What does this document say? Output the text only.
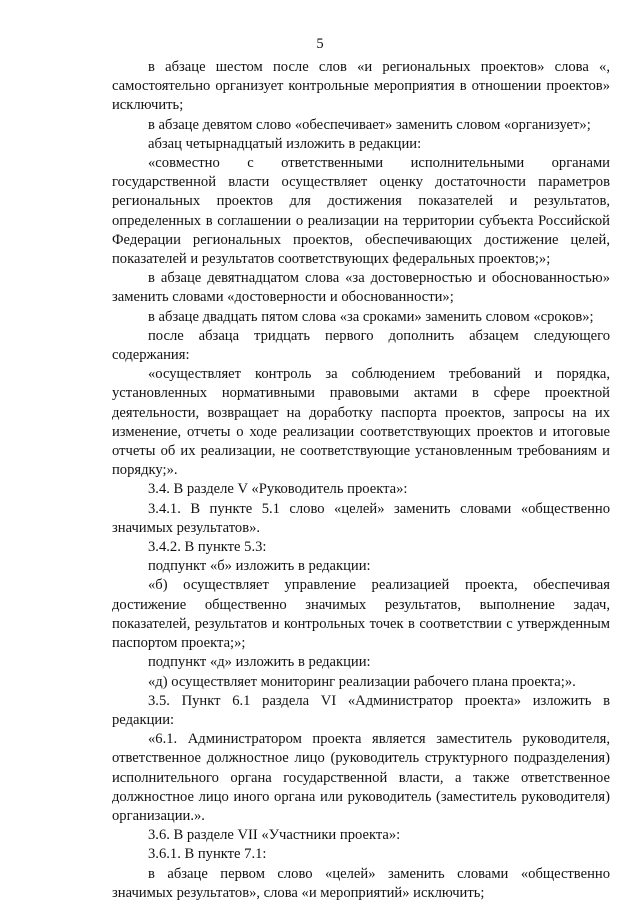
5

в абзаце шестом после слов «и региональных проектов» слова «, самостоятельно организует контрольные мероприятия в отношении проектов» исключить;

в абзаце девятом слово «обеспечивает» заменить словом «организует»;

абзац четырнадцатый изложить в редакции:

«совместно с ответственными исполнительными органами государственной власти осуществляет оценку достаточности параметров региональных проектов для достижения показателей и результатов, определенных в соглашении о реализации на территории субъекта Российской Федерации региональных проектов, обеспечивающих достижение целей, показателей и результатов соответствующих федеральных проектов;»;

в абзаце девятнадцатом слова «за достоверностью и обоснованностью» заменить словами «достоверности и обоснованности»;

в абзаце двадцать пятом слова «за сроками» заменить словом «сроков»;

после абзаца тридцать первого дополнить абзацем следующего содержания:

«осуществляет контроль за соблюдением требований и порядка, установленных нормативными правовыми актами в сфере проектной деятельности, возвращает на доработку паспорта проектов, запросы на их изменение, отчеты о ходе реализации соответствующих проектов и итоговые отчеты об их реализации, не соответствующие установленным требованиям и порядку;».

3.4. В разделе V «Руководитель проекта»:

3.4.1. В пункте 5.1 слово «целей» заменить словами «общественно значимых результатов».

3.4.2. В пункте 5.3:

подпункт «б» изложить в редакции:

«б) осуществляет управление реализацией проекта, обеспечивая достижение общественно значимых результатов, выполнение задач, показателей, результатов и контрольных точек в соответствии с утвержденным паспортом проекта;»;

подпункт «д» изложить в редакции:

«д) осуществляет мониторинг реализации рабочего плана проекта;».

3.5. Пункт 6.1 раздела VI «Администратор проекта» изложить в редакции:

«6.1. Администратором проекта является заместитель руководителя, ответственное должностное лицо (руководитель структурного подразделения) исполнительного органа государственной власти, а также ответственное должностное лицо иного органа или руководитель (заместитель руководителя) организации.».

3.6. В разделе VII «Участники проекта»:

3.6.1. В пункте 7.1:

в абзаце первом слово «целей» заменить словами «общественно значимых результатов», слова «и мероприятий» исключить;
